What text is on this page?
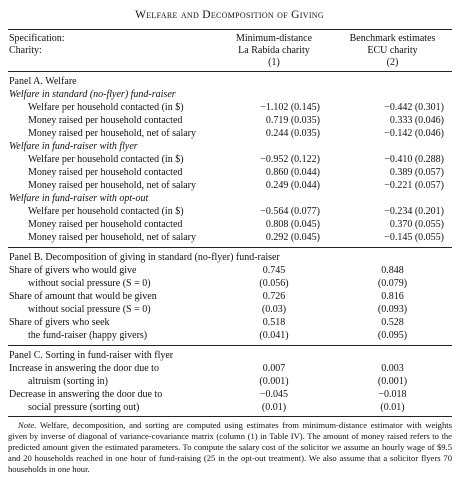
Welfare and Decomposition of Giving
Specification:	Minimum-distance	Benchmark estimates
Charity:	La Rabida charity	ECU charity
(1)	(2)
Panel A. Welfare
Welfare in standard (no-flyer) fund-raiser
Welfare per household contacted (in $)	−1.102 (0.145)	−0.442 (0.301)
Money raised per household contacted	0.719 (0.035)	0.333 (0.046)
Money raised per household, net of salary	0.244 (0.035)	−0.142 (0.046)
Welfare in fund-raiser with flyer
Welfare per household contacted (in $)	−0.952 (0.122)	−0.410 (0.288)
Money raised per household contacted	0.860 (0.044)	0.389 (0.057)
Money raised per household, net of salary	0.249 (0.044)	−0.221 (0.057)
Welfare in fund-raiser with opt-out
Welfare per household contacted (in $)	−0.564 (0.077)	−0.234 (0.201)
Money raised per household contacted	0.808 (0.045)	0.370 (0.055)
Money raised per household, net of salary	0.292 (0.045)	−0.145 (0.055)
Panel B. Decomposition of giving in standard (no-flyer) fund-raiser
Share of givers who would give	0.745	0.848
without social pressure (S = 0)	(0.056)	(0.079)
Share of amount that would be given	0.726	0.816
without social pressure (S = 0)	(0.03)	(0.093)
Share of givers who seek	0.518	0.528
the fund-raiser (happy givers)	(0.041)	(0.095)
Panel C. Sorting in fund-raiser with flyer
Increase in answering the door due to	0.007	0.003
altruism (sorting in)	(0.001)	(0.001)
Decrease in answering the door due to	−0.045	−0.018
social pressure (sorting out)	(0.01)	(0.01)
Note. Welfare, decomposition, and sorting are computed using estimates from minimum-distance estimator with weights given by inverse of diagonal of variance-covariance matrix (column (1) in Table IV). The amount of money raised refers to the predicted amount given the estimated parameters. To compute the salary cost of the solicitor we assume an hourly wage of $9.5 and 20 households reached in one hour of fund-raising (25 in the opt-out treatment). We also assume that a solicitor flyers 70 households in one hour.
